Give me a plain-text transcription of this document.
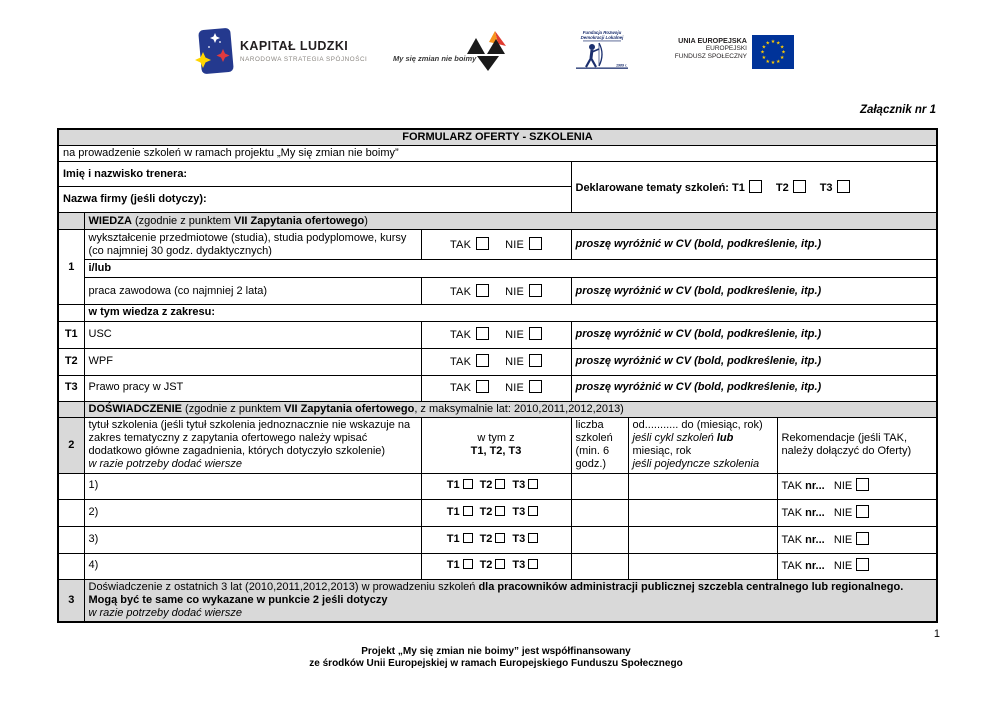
KAPITAŁ LUDZKI
NARODOWA STRATEGIA SPÓJNOŚCI	My się zmian nie boimy
Fundacja Rozwoju
Demokracji Lokalnej
1989 r.
UNIA EUROPEJSKA
EUROPEJSKI
FUNDUSZ SPOŁECZNY
★ ★
★
★
★
★
★
★
★
★
★
★
Załącznik nr 1
FORMULARZ OFERTY - SZKOLENIA					
na prowadzenie szkoleń w ramach projektu „My się zmian nie boimy”					
Imię i nazwisko trenera:			Deklarowane tematy szkoleń: T1 T2 T3		
Nazwa firmy (jeśli dotyczy):					
	WIEDZA (zgodnie z punktem VII Zapytania ofertowego)				
1	wykształcenie przedmiotowe (studia), studia podyplomowe, kursy (co najmniej 30 godz. dydaktycznych)	TAK NIE	proszę wyróżnić w CV (bold, podkreślenie, itp.)		
	i/lub				
	praca zawodowa (co najmniej 2 lata)	TAK NIE	proszę wyróżnić w CV (bold, podkreślenie, itp.)		
	w tym wiedza z zakresu:				
T1	USC	TAK NIE	proszę wyróżnić w CV (bold, podkreślenie, itp.)		
T2	WPF	TAK NIE	proszę wyróżnić w CV (bold, podkreślenie, itp.)		
T3	Prawo pracy w JST	TAK NIE	proszę wyróżnić w CV (bold, podkreślenie, itp.)		
	DOŚWIADCZENIE (zgodnie z punktem VII Zapytania ofertowego, z maksymalnie lat: 2010,2011,2012,2013)				
2	tytuł szkolenia (jeśli tytuł szkolenia jednoznacznie nie wskazuje na zakres tematyczny z zapytania ofertowego należy wpisać dodatkowo główne zagadnienia, których dotyczyło szkolenie)
w razie potrzeby dodać wiersze	w tym z
T1, T2, T3	liczba
szkoleń
(min. 6
godz.)	od........... do (miesiąc, rok)
jeśli cykl szkoleń lub
miesiąc, rok
jeśli pojedyncze szkolenia	Rekomendacje (jeśli TAK, należy dołączyć do Oferty)
	1)	T1 T2 T3			TAK nr... NIE
	2)	T1 T2 T3			TAK nr... NIE
	3)	T1 T2 T3			TAK nr... NIE
	4)	T1 T2 T3			TAK nr... NIE
3	Doświadczenie z ostatnich 3 lat (2010,2011,2012,2013) w prowadzeniu szkoleń dla pracowników administracji publicznej szczebla centralnego lub regionalnego. Mogą być te same co wykazane w punkcie 2 jeśli dotyczy
w razie potrzeby dodać wiersze				
1
Projekt „My się zmian nie boimy” jest współfinansowany
ze środków Unii Europejskiej w ramach Europejskiego Funduszu Społecznego
